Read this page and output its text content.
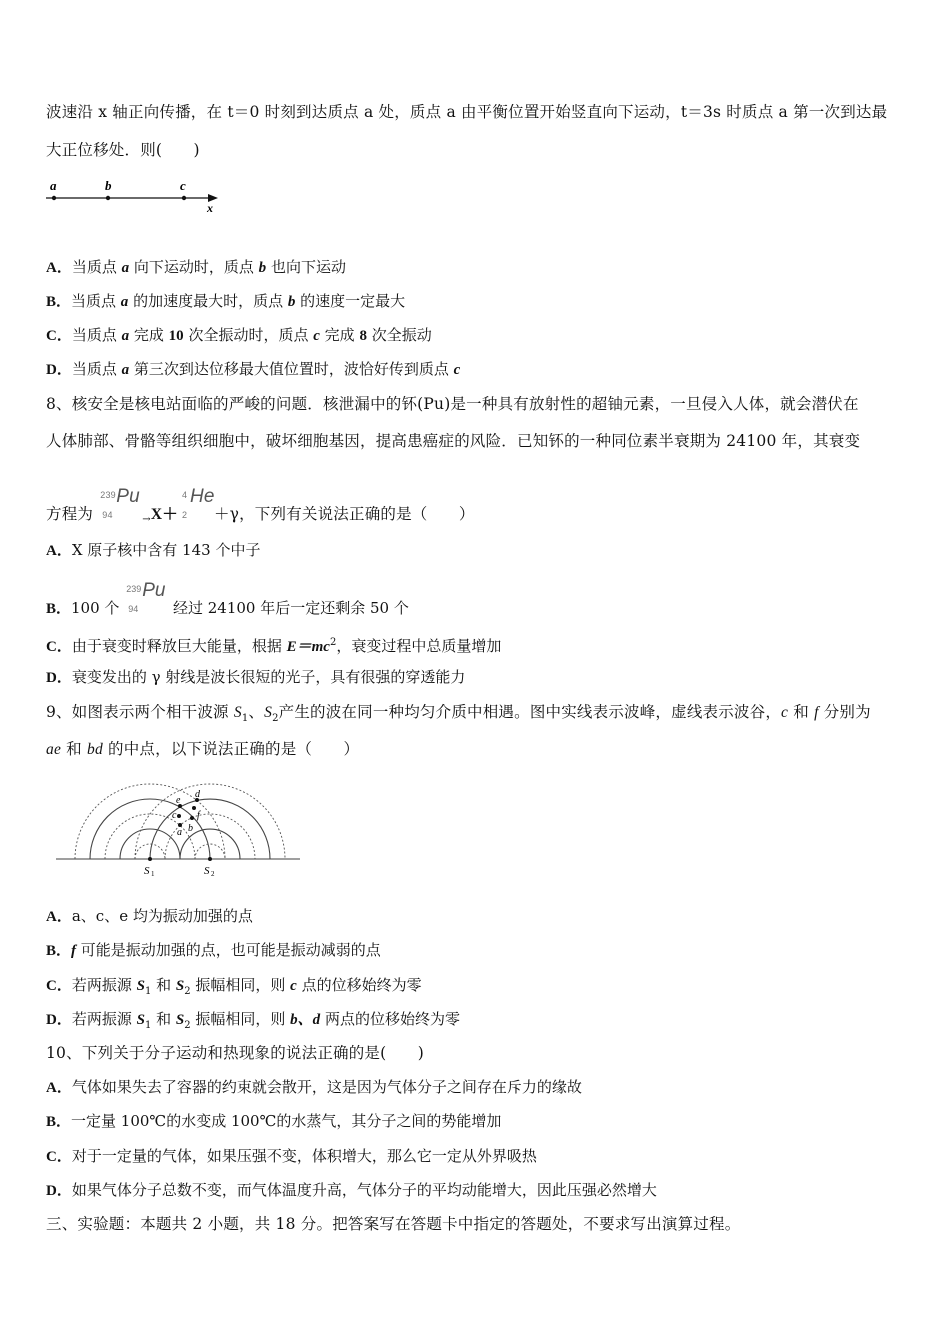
波速沿 x 轴正向传播，在 t＝0 时刻到达质点 a 处，质点 a 由平衡位置开始竖直向下运动，t＝3s 时质点 a 第一次到达最
大正位移处．则(　　)
a	b	c
x
A．当质点 a 向下运动时，质点 b 也向下运动
B．当质点 a 的加速度最大时，质点 b 的速度一定最大
C．当质点 a 完成 10 次全振动时，质点 c 完成 8 次全振动
D．当质点 a 第三次到达位移最大值位置时，波恰好传到质点 c
8、核安全是核电站面临的严峻的问题．核泄漏中的钚(Pu)是一种具有放射性的超铀元素，一旦侵入人体，就会潜伏在
人体肺部、骨骼等组织细胞中，破坏细胞基因，提高患癌症的风险．已知钚的一种同位素半衰期为 24100 年，其衰变
方程为
239
94
Pu
→X＋
4
2
He
＋γ，下列有关说法正确的是（　　）
A．X 原子核中含有 143 个中子
B．100 个
239
94
Pu
经过 24100 年后一定还剩余 50 个
C．由于衰变时释放巨大能量，根据 $E=mc^2$，衰变过程中总质量增加
D．衰变发出的 γ 射线是波长很短的光子，具有很强的穿透能力
9、如图表示两个相干波源 $S_1$、$S_2$产生的波在同一种均匀介质中相遇。图中实线表示波峰，虚线表示波谷，c 和 f 分别为
ae 和 bd 的中点，以下说法正确的是（　　）
S 1	S 2
e
d
c f
b
a
A．a、c、e 均为振动加强的点
B．f 可能是振动加强的点，也可能是振动减弱的点
C．若两振源 $S_1$ 和 $S_2$ 振幅相同，则 c 点的位移始终为零
D．若两振源 $S_1$ 和 $S_2$ 振幅相同，则 b、d 两点的位移始终为零
10、下列关于分子运动和热现象的说法正确的是(　　)
A．气体如果失去了容器的约束就会散开，这是因为气体分子之间存在斥力的缘故
B．一定量 100℃的水变成 100℃的水蒸气，其分子之间的势能增加
C．对于一定量的气体，如果压强不变，体积增大，那么它一定从外界吸热
D．如果气体分子总数不变，而气体温度升高，气体分子的平均动能增大，因此压强必然增大
三、实验题：本题共 2 小题，共 18 分。把答案写在答题卡中指定的答题处，不要求写出演算过程。
